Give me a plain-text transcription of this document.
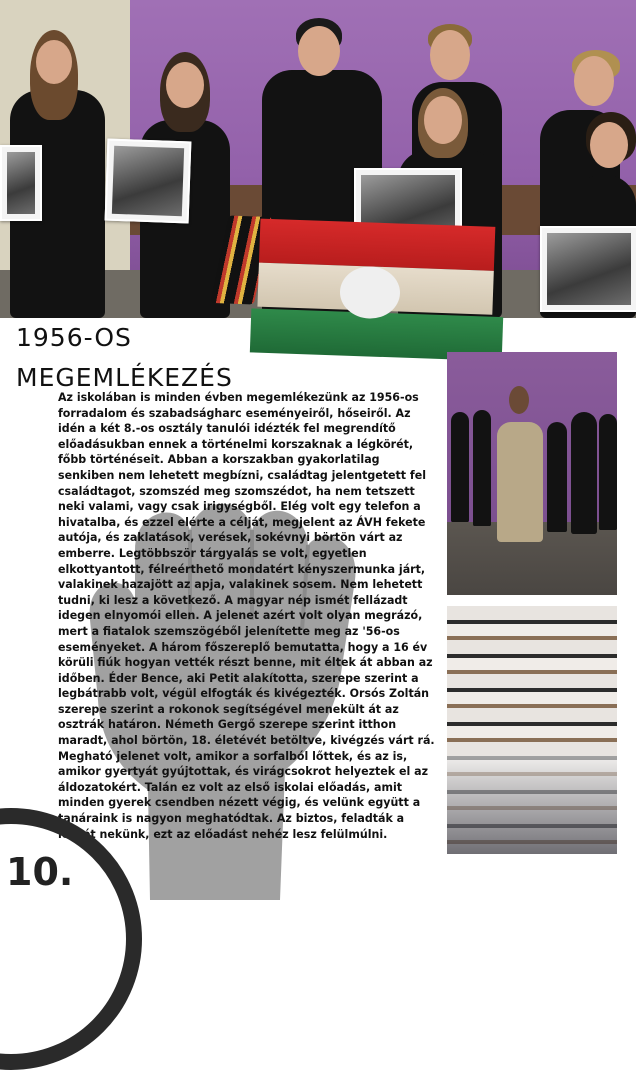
1956-OS
MEGEMLÉKEZÉS
Az iskolában is minden évben megemlékezünk az 1956-os forradalom és szabadságharc eseményeiről, hőseiről. Az idén a két 8.-os osztály tanulói idézték fel megrendítő előadásukban ennek a történelmi korszaknak a légkörét, főbb történéseit. Abban a korszakban gyakorlatilag senkiben nem lehetett megbízni, családtag jelentgetett fel családtagot, szomszéd meg szomszédot, ha nem tetszett neki valami, vagy csak irigységből. Elég volt egy telefon a hivatalba, és ezzel elérte a célját, megjelent az ÁVH fekete autója, és zaklatások, verések, sokévnyi börtön várt az emberre. Legtöbbször tárgyalás se volt, egyetlen elkottyantott, félreérthető mondatért kényszermunka járt, valakinek hazajött az apja, valakinek sosem. Nem lehetett tudni, ki lesz a következő. A magyar nép ismét fellázadt idegen elnyomói ellen. A jelenet azért volt olyan megrázó, mert a fiatalok szemszögéből jelenítette meg az '56-os eseményeket. A három főszereplő bemutatta, hogy a 16 év körüli fiúk hogyan vették részt benne, mit éltek át abban az időben. Éder Bence, aki Petit alakította, szerepe szerint a legbátrabb volt, végül elfogták és kivégezték. Orsós Zoltán szerepe szerint a rokonok segítségével menekült át az osztrák határon. Németh Gergő szerepe szerint itthon maradt, ahol börtön, 18. életévét betöltve, kivégzés várt rá. Megható jelenet volt, amikor a sorfalból lőttek, és az is, amikor gyertyát gyújtottak, és virágcsokrot helyeztek el az áldozatokért. Talán ez volt az első iskolai előadás, amit minden gyerek csendben nézett végig, és velünk együtt a tanáraink is nagyon meghatódtak. Az biztos, feladták a leckét nekünk, ezt az előadást nehéz lesz felülmúlni.
10.
